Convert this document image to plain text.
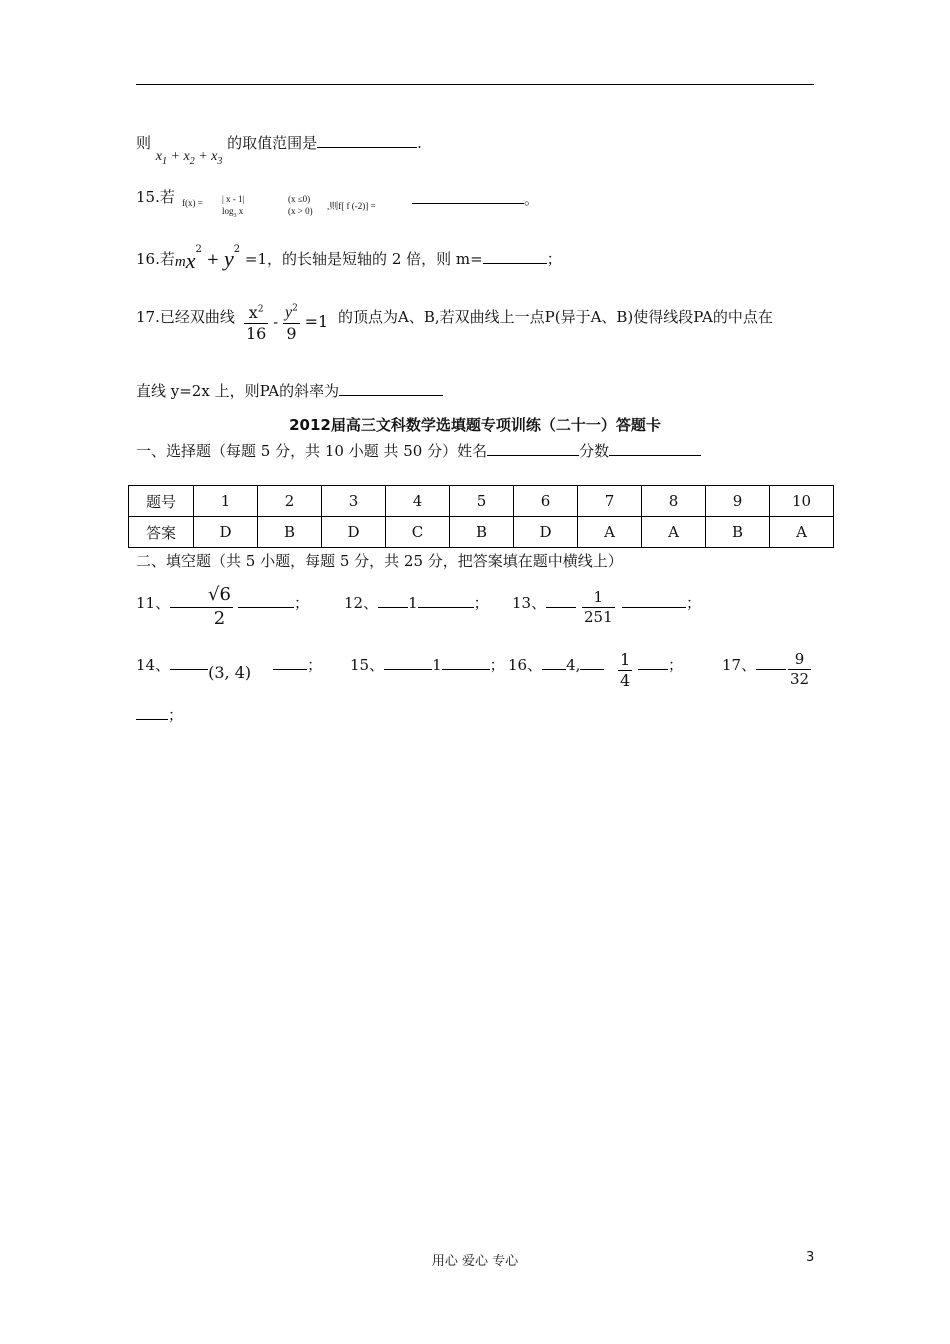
则 $x_1 + x_2 + x_3$ 的取值范围是	.
15.若 f(x) = | x - 1|
$\log_3 x$
(x ≤0)
(x > 0) ,则f[ f (-2)] =	。
16.若$mx^2 + y^2 =1$，的长轴是短轴的 2 倍，则 m=	；
17.已经双曲线 $\frac{x^2}{16} - \frac{y^2}{9} =1$ 的顶点为A、B,若双曲线上一点P(异于A、B)使得线段PA的中点在
直线 y=2x 上，则PA的斜率为
2012届高三文科数学选填题专项训练（二十一）答题卡
一、选择题（每题 5 分，共 10 小题 共 50 分）姓名	分数
题号	1	2	3	4	5	6	7	8	9	10
答案	D	B	D	C	B	D	A	A	B	A
二、填空题（共 5 小题，每题 5 分，共 25 分，把答案填在题中横线上）
11、	$\frac{√6}{2}$	； 12、 1	； 13、	$\frac{1}{251}$	；
14、 (3, 4)	； 15、	1	； 16、 4,	$\frac{1}{4}$	；	17、	$\frac{9}{32}$
；
用心 爱心 专心	3
